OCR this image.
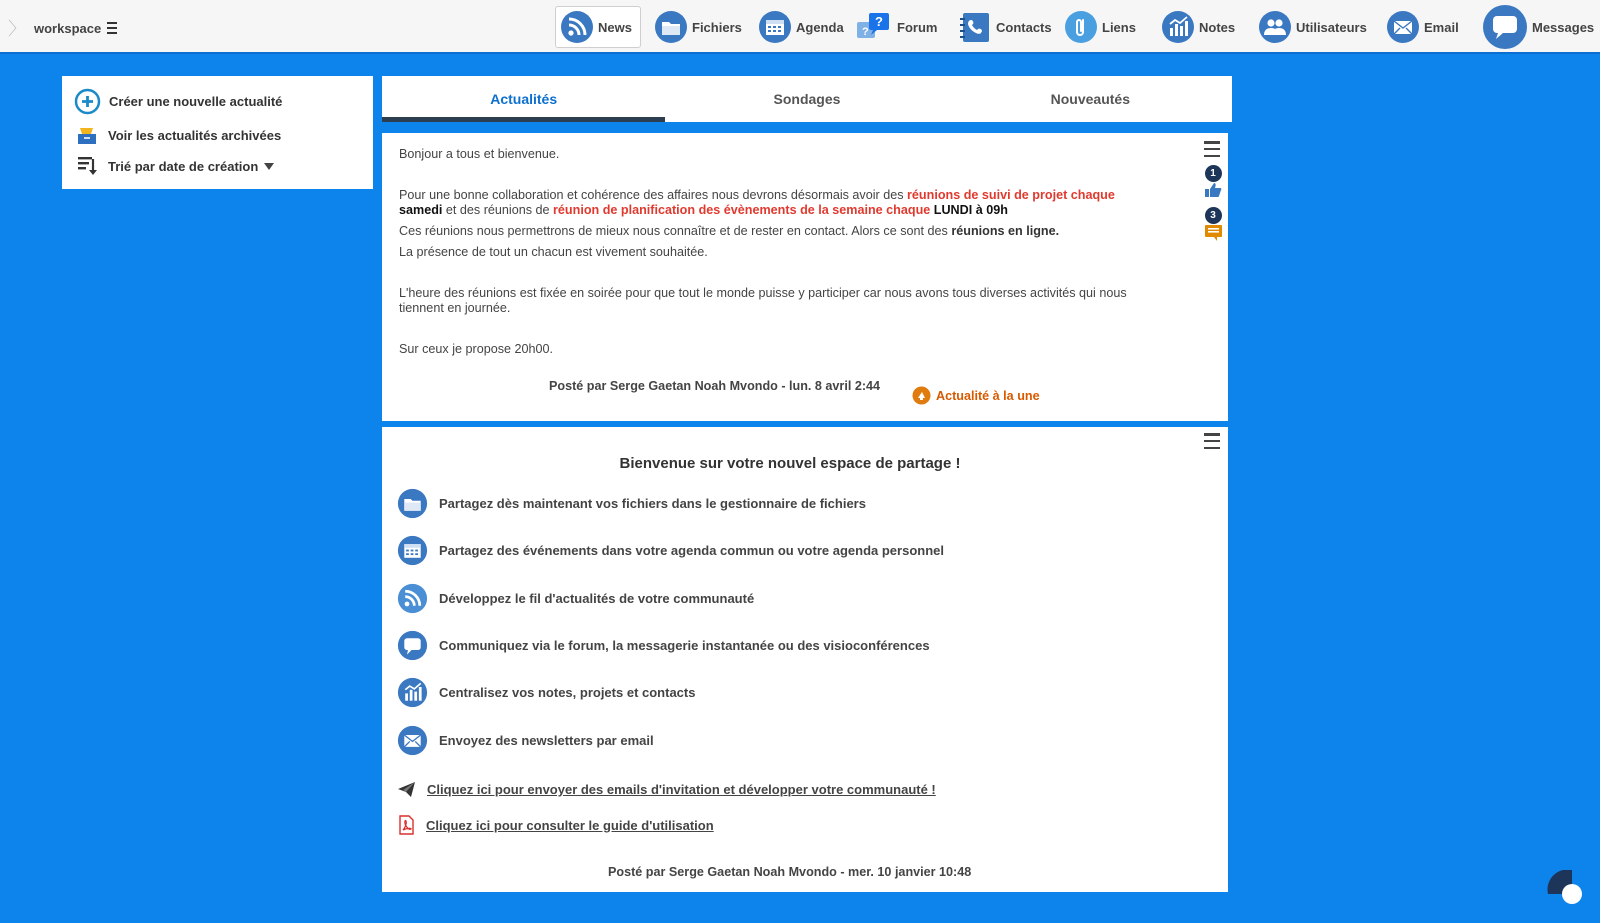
〉 workspace	News	Fichiers	Agenda ?
? Forum	Contacts	Liens	Notes	Utilisateurs	Email	Messages
Créer une nouvelle actualité
Voir les actualités archivées
Trié par date de création
Actualités	Sondages	Nouveautés
1
3
Bonjour a tous et bienvenue.
Pour une bonne collaboration et cohérence des affaires nous devrons désormais avoir des réunions de suivi de projet chaque
samedi et des réunions de réunion de planification des évènements de la semaine chaque LUNDI à 09h
Ces réunions nous permettrons de mieux nous connaître et de rester en contact. Alors ce sont des réunions en ligne.
La présence de tout un chacun est vivement souhaitée.
L'heure des réunions est fixée en soirée pour que tout le monde puisse y participer car nous avons tous diverses activités qui nous tiennent en journée.
Sur ceux je propose 20h00.
Posté par Serge Gaetan Noah Mvondo - lun. 8 avril 2:44
Actualité à la une
Bienvenue sur votre nouvel espace de partage !
Partagez dès maintenant vos fichiers dans le gestionnaire de fichiers
Partagez des événements dans votre agenda commun ou votre agenda personnel
Développez le fil d'actualités de votre communauté
Communiquez via le forum, la messagerie instantanée ou des visioconférences
Centralisez vos notes, projets et contacts
Envoyez des newsletters par email
Cliquez ici pour envoyer des emails d'invitation et développer votre communauté !
Cliquez ici pour consulter le guide d'utilisation
Posté par Serge Gaetan Noah Mvondo - mer. 10 janvier 10:48
